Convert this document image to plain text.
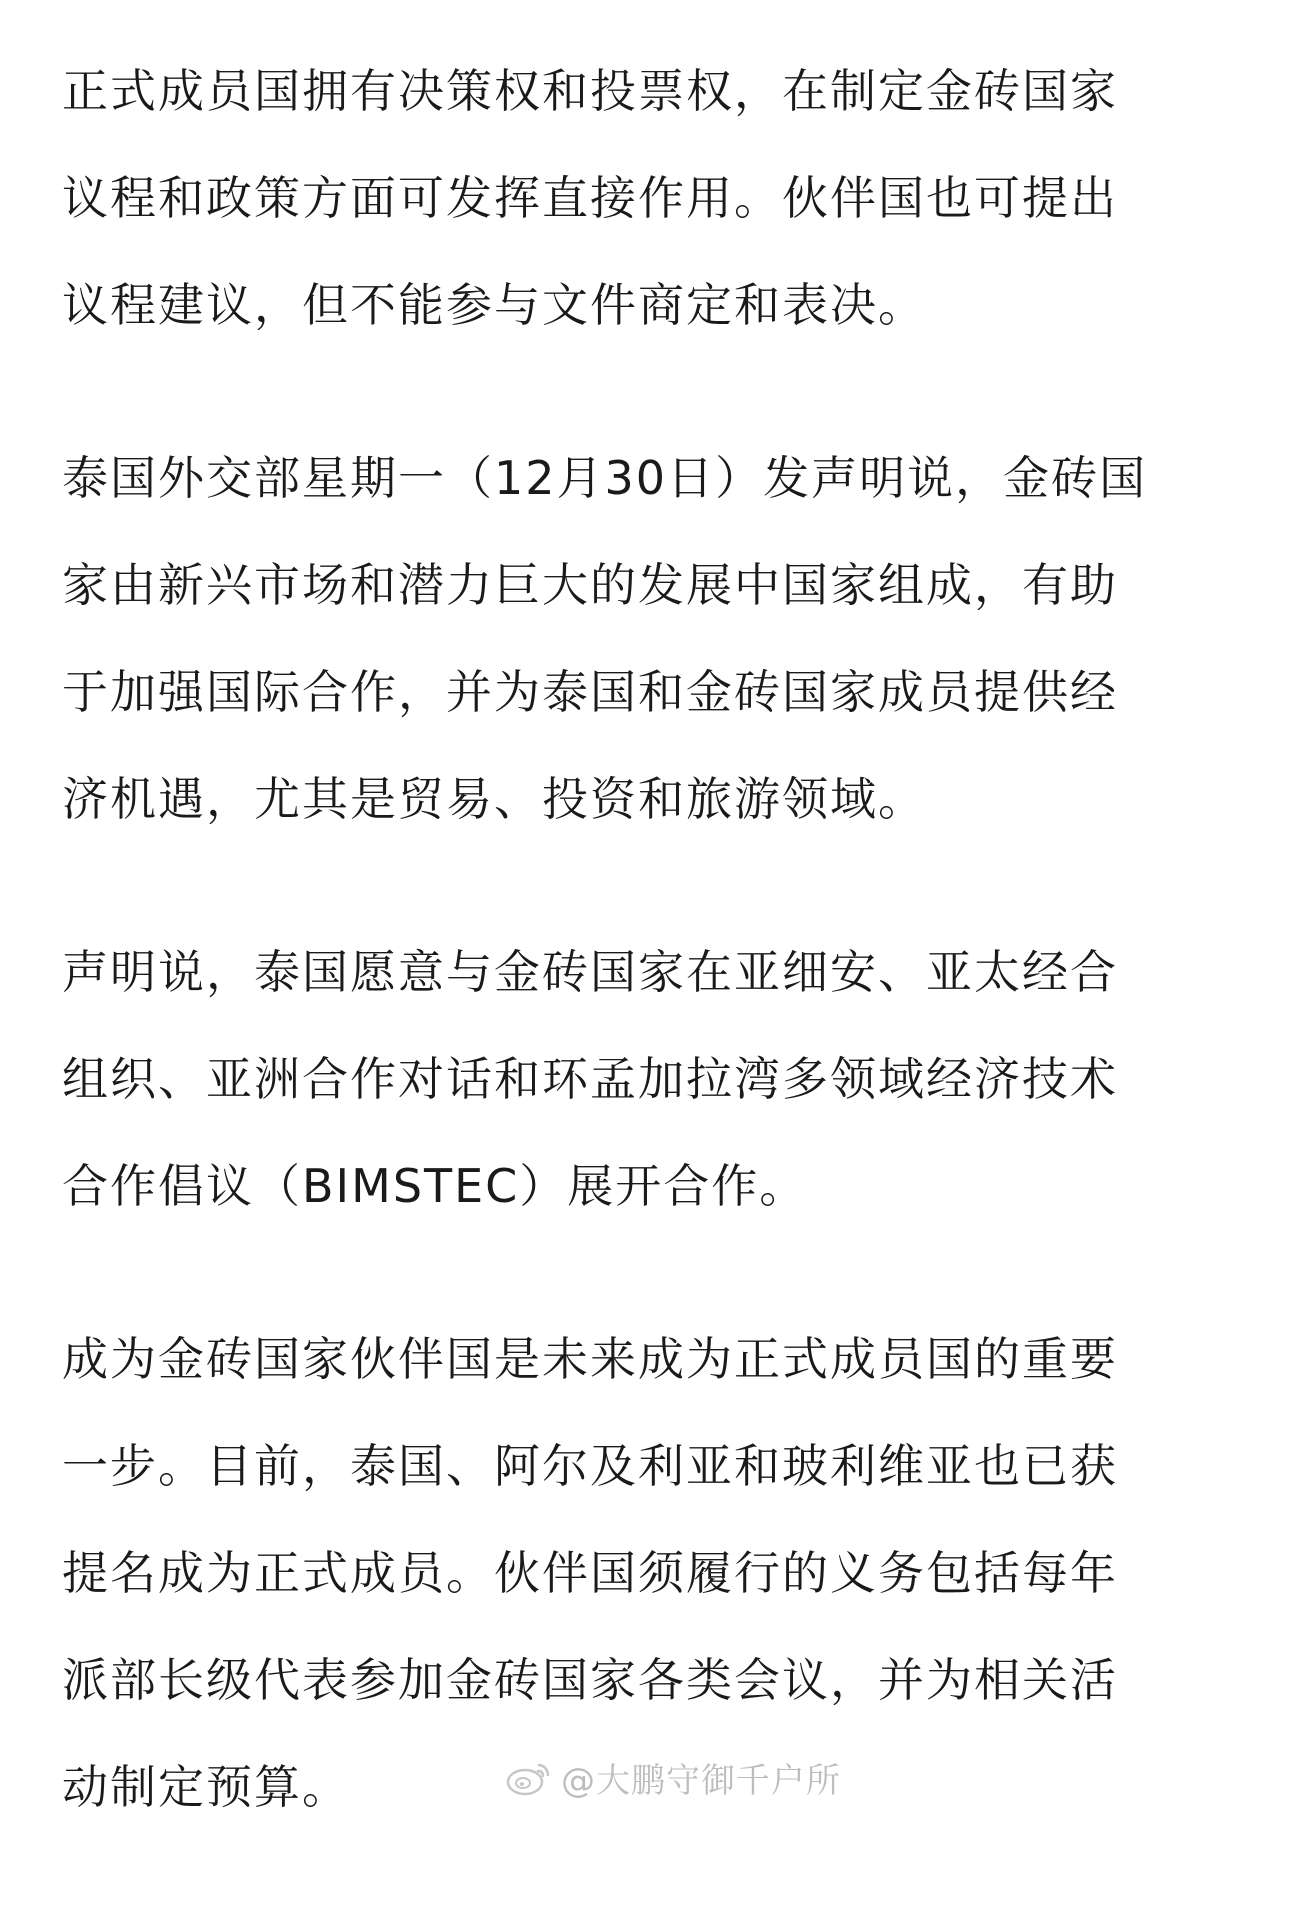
正式成员国拥有决策权和投票权，在制定金砖国家
议程和政策方面可发挥直接作用。伙伴国也可提出
议程建议，但不能参与文件商定和表决。

泰国外交部星期一（12月30日）发声明说，金砖国
家由新兴市场和潜力巨大的发展中国家组成，有助
于加强国际合作，并为泰国和金砖国家成员提供经
济机遇，尤其是贸易、投资和旅游领域。

声明说，泰国愿意与金砖国家在亚细安、亚太经合
组织、亚洲合作对话和环孟加拉湾多领域经济技术
合作倡议（BIMSTEC）展开合作。

成为金砖国家伙伴国是未来成为正式成员国的重要
一步。目前，泰国、阿尔及利亚和玻利维亚也已获
提名成为正式成员。伙伴国须履行的义务包括每年
派部长级代表参加金砖国家各类会议，并为相关活
动制定预算。	@大鹏守御千户所
